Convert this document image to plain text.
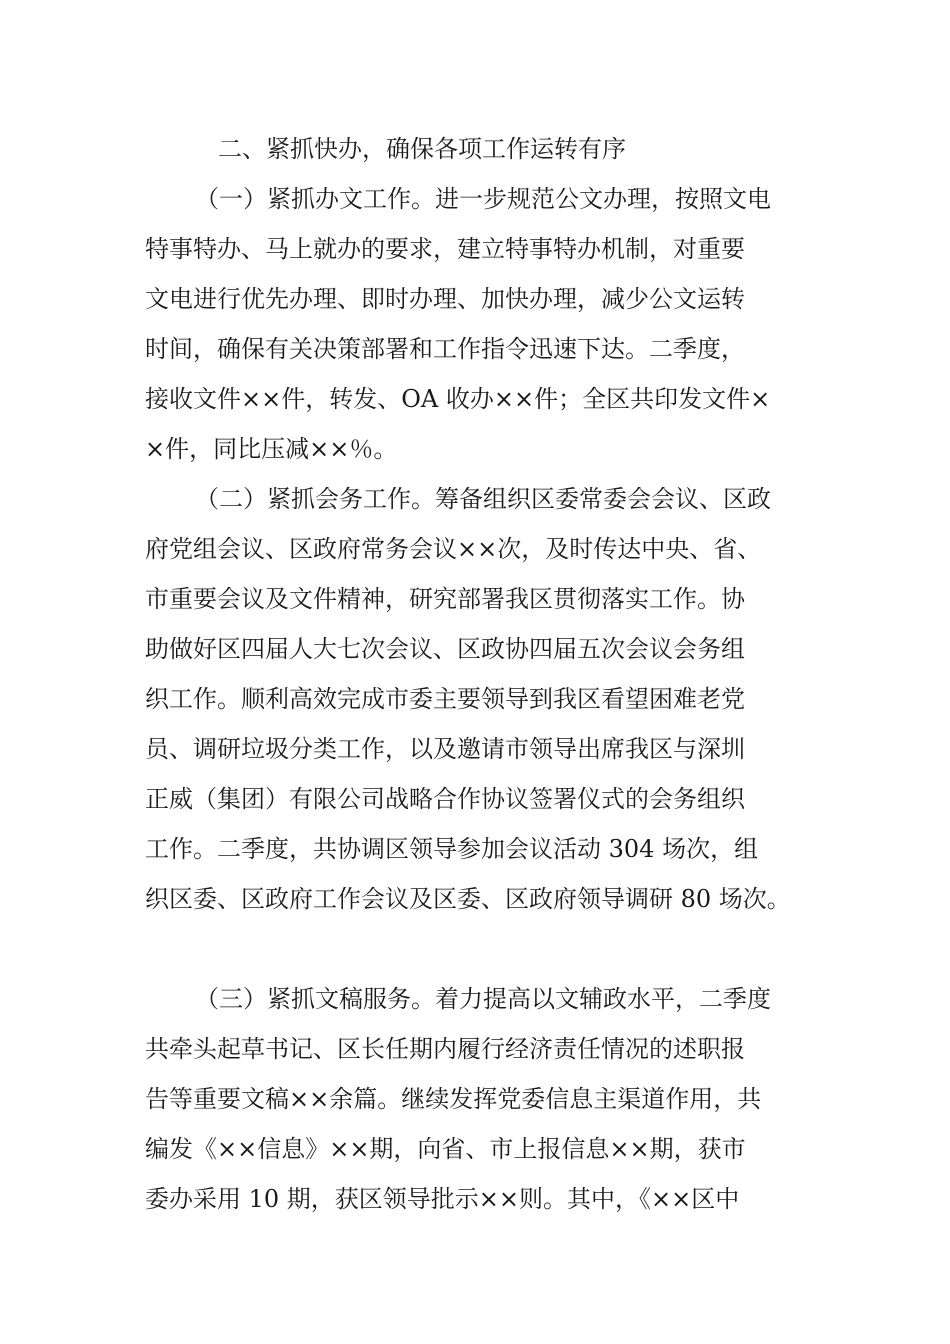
二、紧抓快办，确保各项工作运转有序
（一）紧抓办文工作。进一步规范公文办理，按照文电
特事特办、马上就办的要求，建立特事特办机制，对重要
文电进行优先办理、即时办理、加快办理，减少公文运转
时间，确保有关决策部署和工作指令迅速下达。二季度，
接收文件××件，转发、OA 收办××件；全区共印发文件×
×件，同比压减××％。
（二）紧抓会务工作。筹备组织区委常委会会议、区政
府党组会议、区政府常务会议××次，及时传达中央、省、
市重要会议及文件精神，研究部署我区贯彻落实工作。协
助做好区四届人大七次会议、区政协四届五次会议会务组
织工作。顺利高效完成市委主要领导到我区看望困难老党
员、调研垃圾分类工作，以及邀请市领导出席我区与深圳
正威（集团）有限公司战略合作协议签署仪式的会务组织
工作。二季度，共协调区领导参加会议活动 304 场次，组
织区委、区政府工作会议及区委、区政府领导调研 80 场次。
（三）紧抓文稿服务。着力提高以文辅政水平，二季度
共牵头起草书记、区长任期内履行经济责任情况的述职报
告等重要文稿××余篇。继续发挥党委信息主渠道作用，共
编发《××信息》××期，向省、市上报信息××期，获市
委办采用 10 期，获区领导批示××则。其中，《××区中
